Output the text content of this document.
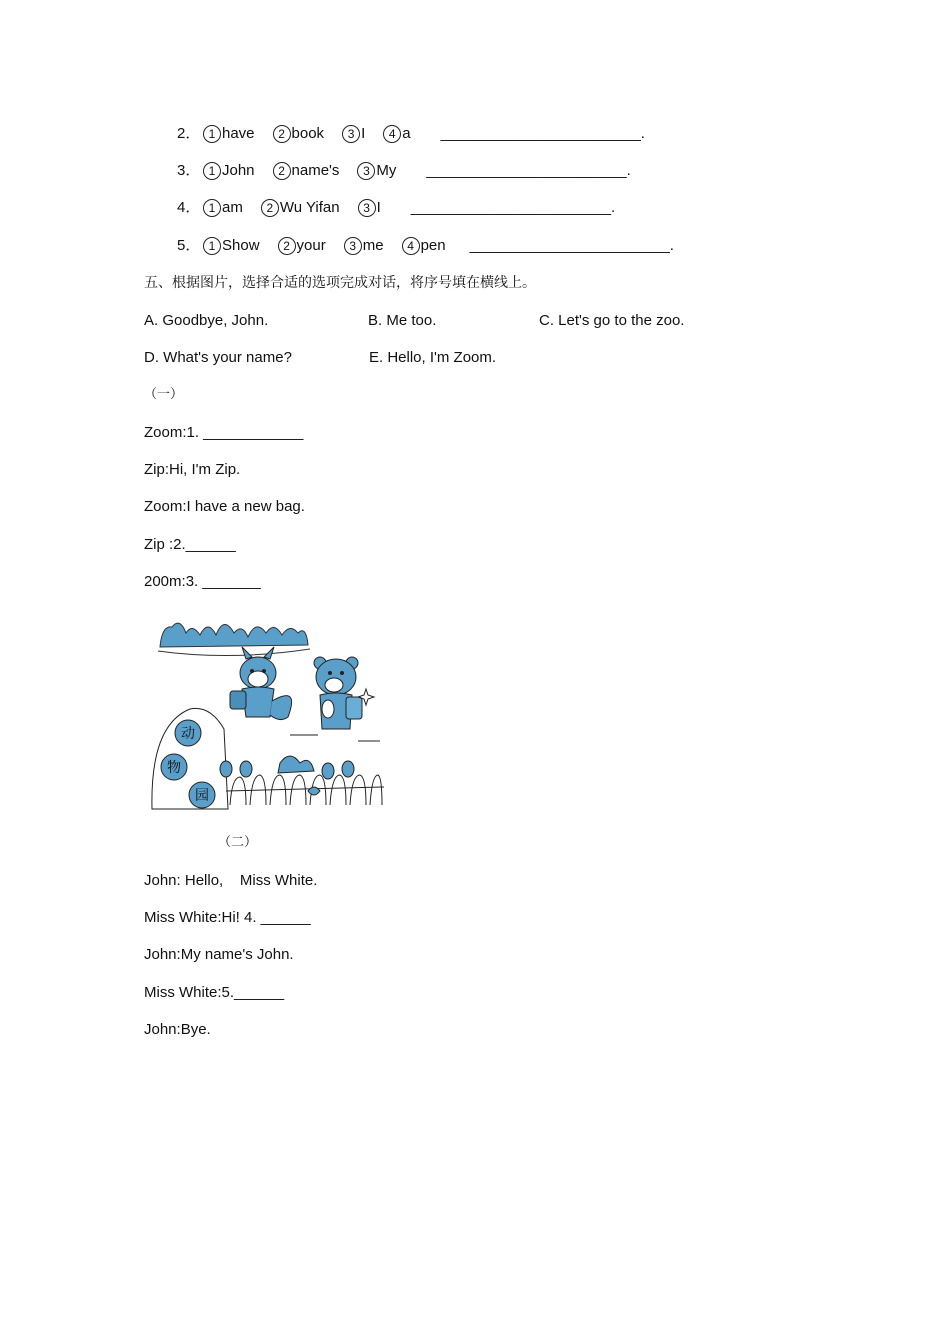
2． 1 have	2 book	3 I	4 a ________________________.
3． 1 John	2 name's	3 My ________________________.
4． 1 am	2 Wu Yifan	3 I ________________________.
5． 1 Show	2 your	3 me	4 pen ________________________.
五、根据图片，选择合适的选项完成对话，将序号填在横线上。
A. Goodbye, John.	B. Me too.	C. Let's go to the zoo.
D. What's your name?	E. Hello, I'm Zoom.
（一）
Zoom:1. ____________
Zip:Hi, I'm Zip.
Zoom:I have a new bag.
Zip :2.______
200m:3. _______
动
物
园
（二）
John: Hello,    Miss White.
Miss White:Hi! 4. ______
John:My name's John.
Miss White:5.______
John:Bye.
